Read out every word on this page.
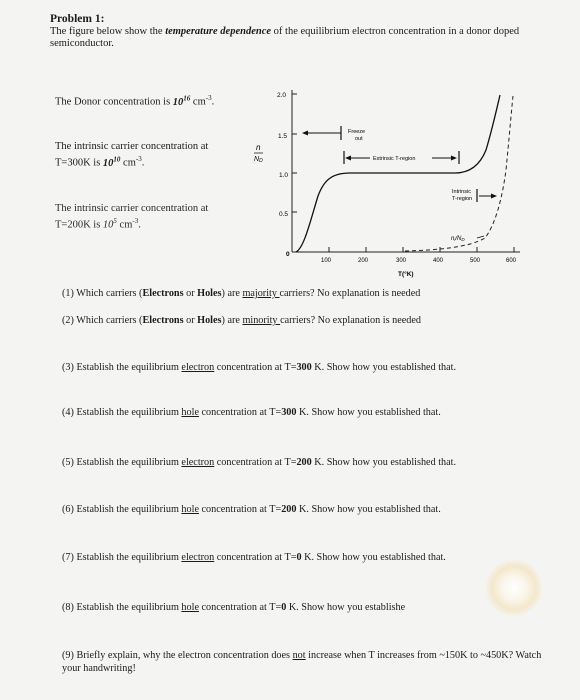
Problem 1:
The figure below show the temperature dependence of the equilibrium electron concentration in a donor doped semiconductor.
The Donor concentration is $10^{16}$ $cm^{-3}$.
The intrinsic carrier concentration at
T=300K is $10^{10}$ $cm^{-3}$.
The intrinsic carrier concentration at
T=200K is $10^5$ $cm^{-3}$.
n
ND
2.0
1.5
1.0
0.5
0
100	200	300	400	500	600
T(°K)
Freeze
out
Extrinsic T-region
Intrinsic
T-region
ni/ND
(1) Which carriers (Electrons or Holes) are majority carriers? No explanation is needed
(2) Which carriers (Electrons or Holes) are minority carriers? No explanation is needed
(3) Establish the equilibrium electron concentration at T=300 K. Show how you established that.
(4) Establish the equilibrium hole concentration at T=300 K. Show how you established that.
(5) Establish the equilibrium electron concentration at T=200 K. Show how you established that.
(6) Establish the equilibrium hole concentration at T=200 K. Show how you established that.
(7) Establish the equilibrium electron concentration at T=0 K. Show how you established that.
(8) Establish the equilibrium hole concentration at T=0 K. Show how you establishe
(9) Briefly explain, why the electron concentration does not increase when T increases from ~150K to ~450K? Watch your handwriting!
